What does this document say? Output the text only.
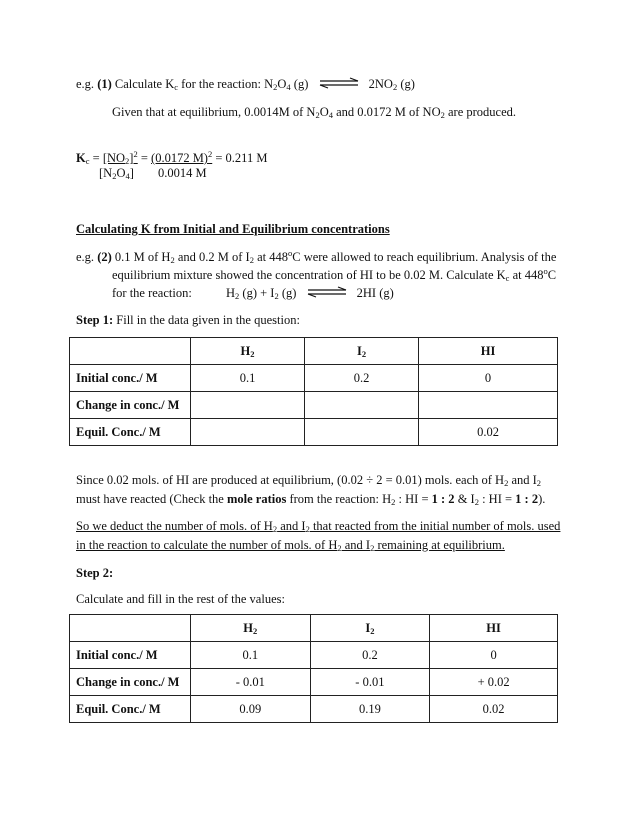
e.g. (1) Calculate $K_c$ for the reaction: $N_2O_4$ (g) ⇌ $2NO_2$ (g)
Given that at equilibrium, 0.0014M of $N_2O_4$ and 0.0172 M of $NO_2$ are produced.
$K_c = [NO_2]^2 = (0.0172$ M)$^2$ = 0.211 M
$[N_2O_4]$ 0.0014 M
Calculating K from Initial and Equilibrium concentrations
e.g. (2) 0.1 M of $H_2$ and 0.2 M of $I_2$ at 448$^o$C were allowed to reach equilibrium. Analysis of the
equilibrium mixture showed the concentration of HI to be 0.02 M. Calculate $K_c$ at 448$^o$C
for the reaction:	$H_2$ $(g) + I_2$ (g) ⇌ 2HI (g)
Step 1: Fill in the data given in the question:
	$H_2$	$I_2$	HI
Initial conc./ M	0.1	0.2	0
Change in conc./ M			
Equil. Conc./ M			0.02
Since 0.02 mols. of HI are produced at equilibrium, (0.02 ÷ 2 = 0.01) mols. each of $H_2$ and $I_2$
must have reacted (Check the mole ratios from the reaction: $H_2$ : HI = 1 : 2 & $I_2$ : HI = 1 : 2).
So we deduct the number of mols. of $H_2$ and $I_2$ that reacted from the initial number of mols. used
in the reaction to calculate the number of mols. of $H_2$ and $I_2$ remaining at equilibrium.
Step 2:
Calculate and fill in the rest of the values:
	$H_2$	$I_2$	HI
Initial conc./ M	0.1	0.2	0
Change in conc./ M	- 0.01	- 0.01	+ 0.02
Equil. Conc./ M	0.09	0.19	0.02
